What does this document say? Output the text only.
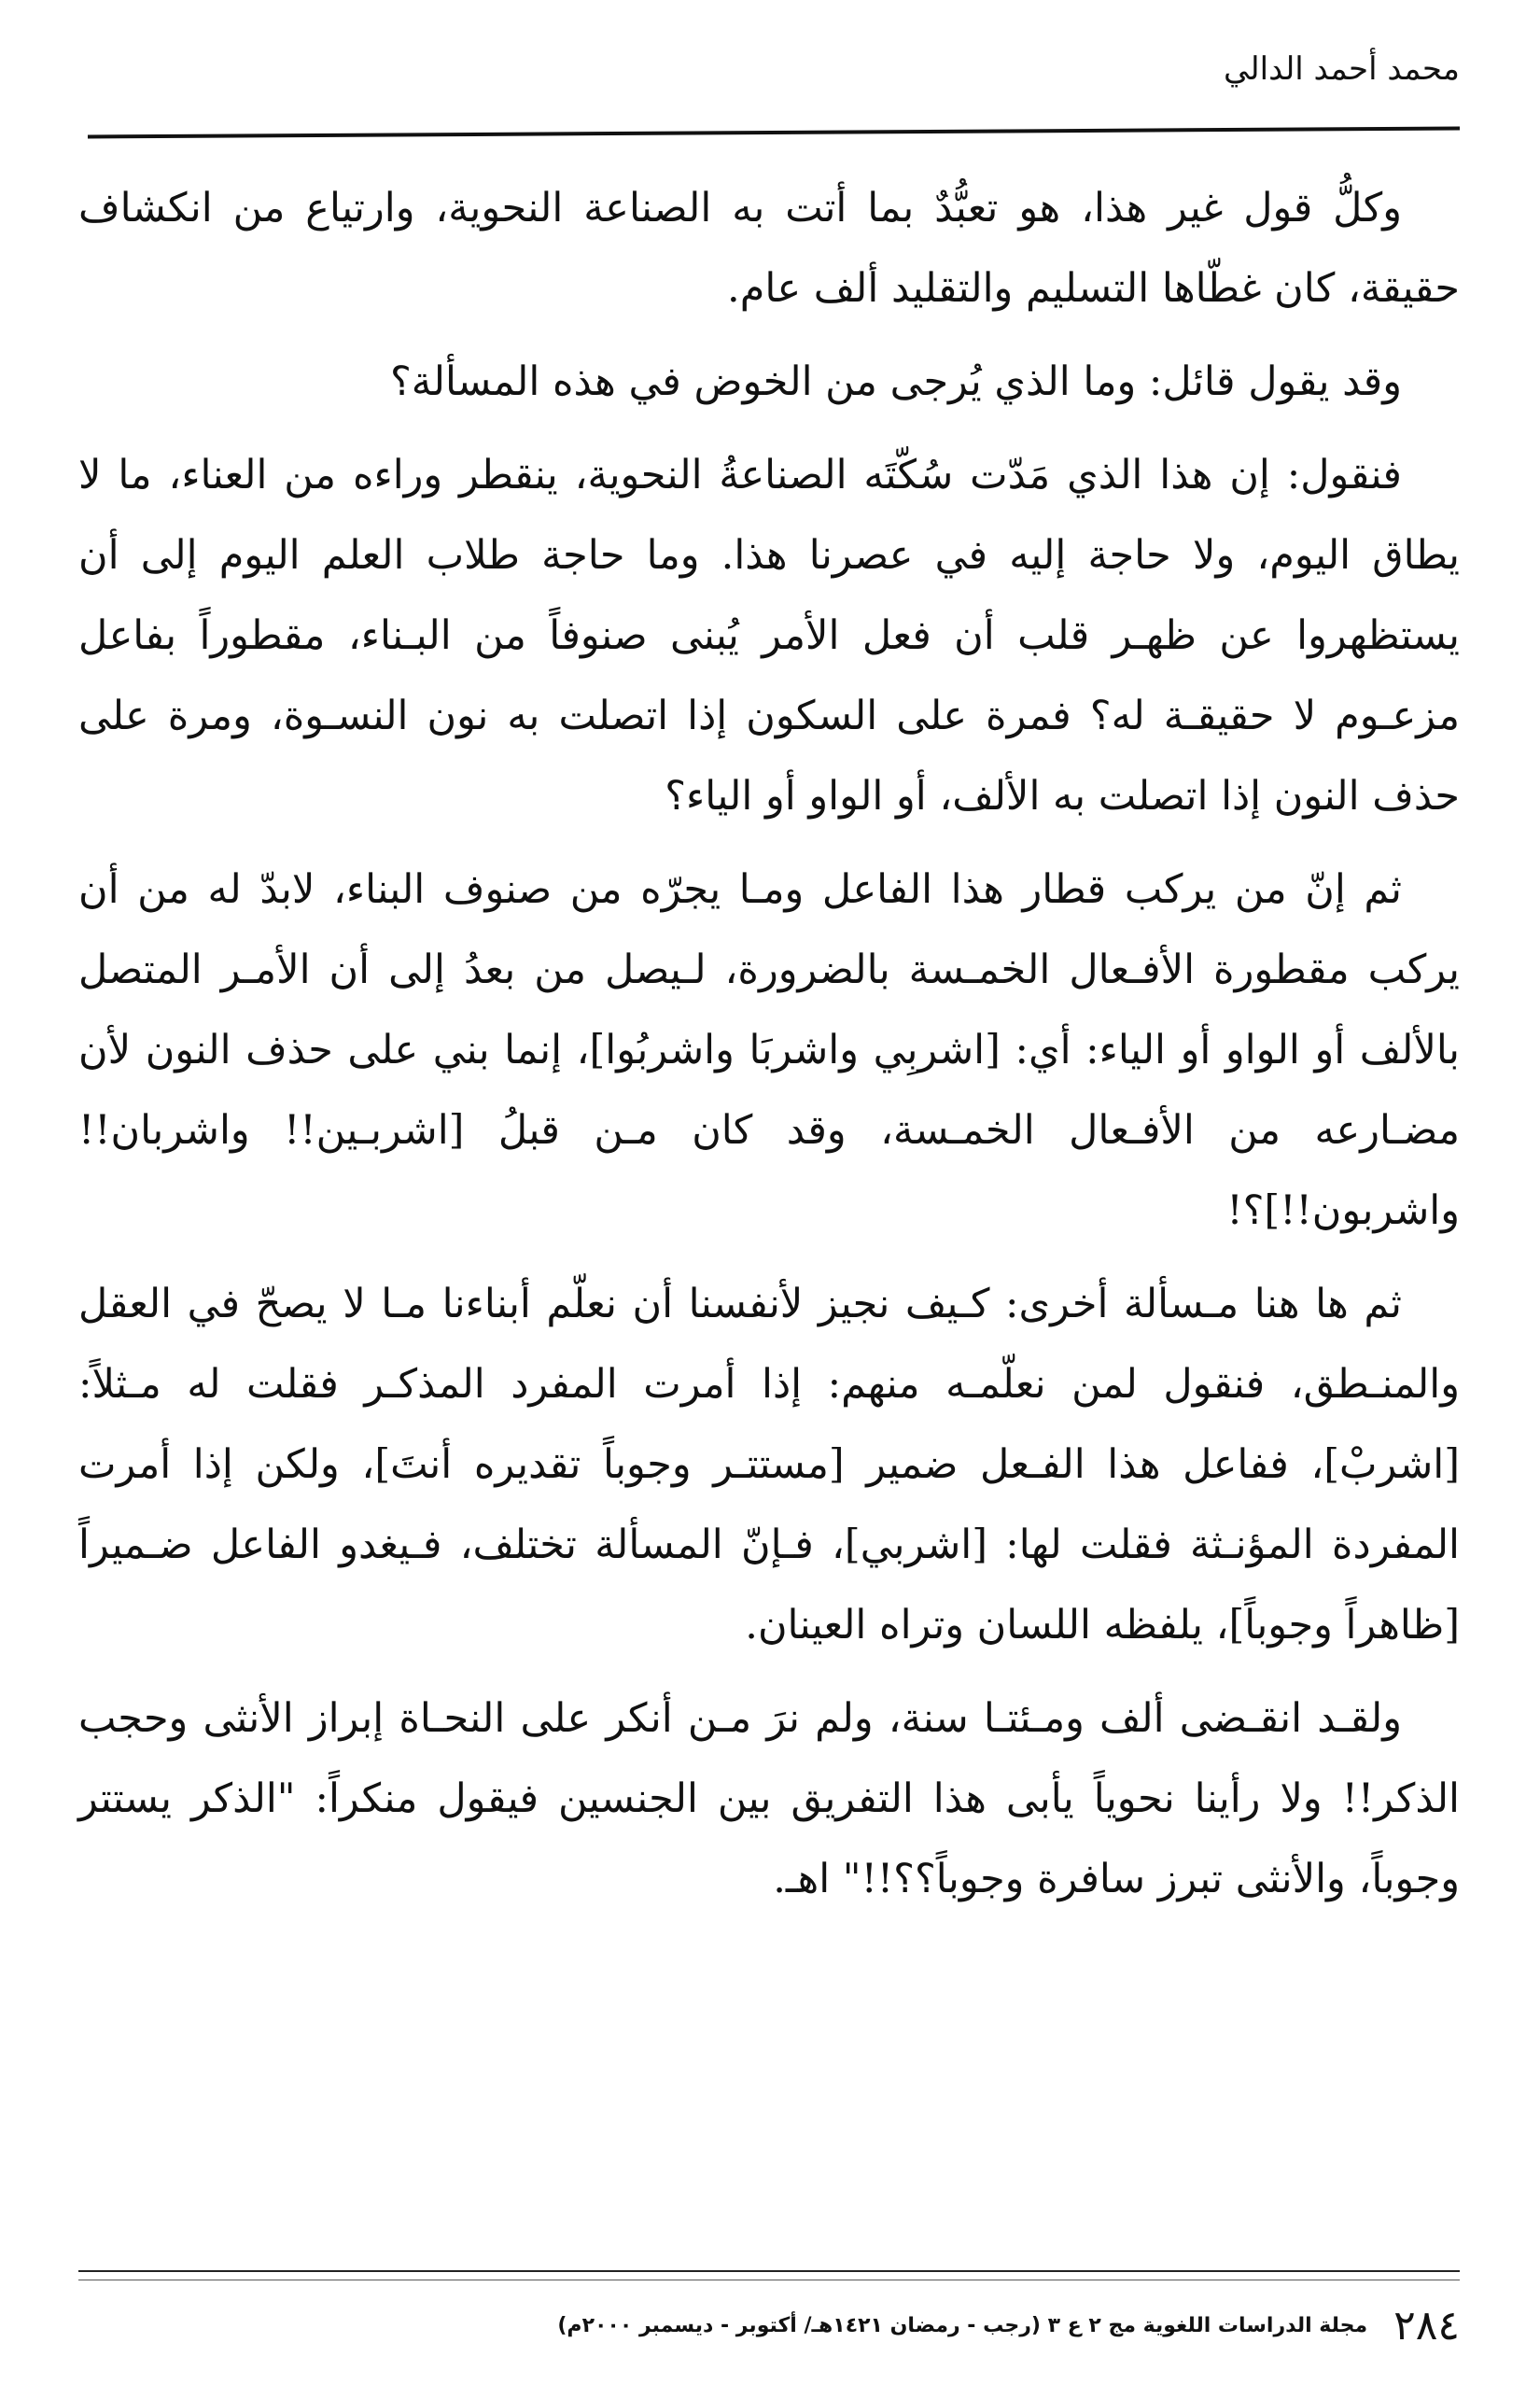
محمد أحمد الدالي

وكلُّ قول غير هذا، هو تعبُّدٌ بما أتت به الصناعة النحوية، وارتياع من انكشاف حقيقة، كان غطّاها التسليم والتقليد ألف عام.

وقد يقول قائل: وما الذي يُرجى من الخوض في هذه المسألة؟

فنقول: إن هذا الذي مَدّت سُكّتَه الصناعةُ النحوية، ينقطر وراءه من العناء، ما لا يطاق اليوم، ولا حاجة إليه في عصرنا هذا. وما حاجة طلاب العلم اليوم إلى أن يستظهروا عن ظهـر قلب أن فعل الأمر يُبنى صنوفاً من البـناء، مقطوراً بفاعل مزعـوم لا حقيقـة له؟ فمرة على السكون إذا اتصلت به نون النسـوة، ومرة على حذف النون إذا اتصلت به الألف، أو الواو أو الياء؟

ثم إنّ من يركب قطار هذا الفاعل ومـا يجرّه من صنوف البناء، لابدّ له من أن يركب مقطورة الأفـعال الخمـسة بالضرورة، لـيصل من بعدُ إلى أن الأمـر المتصل بالألف أو الواو أو الياء: أي: [اشربِي واشربَا واشربُوا]، إنما بني على حذف النون لأن مضـارعه من الأفـعال الخمـسة، وقد كان مـن قبلُ [اشربـين!! واشربان!! واشربون!!]؟!

ثم ها هنا مـسألة أخرى: كـيف نجيز لأنفسنا أن نعلّم أبناءنا مـا لا يصحّ في العقل والمنـطق، فنقول لمن نعلّمـه منهم: إذا أمرت المفرد المذكـر فقلت له مـثلاً: [اشربْ]، ففاعل هذا الفـعل ضمير [مستتـر وجوباً تقديره أنتَ]، ولكن إذا أمرت المفردة المؤنـثة فقلت لها: [اشربي]، فـإنّ المسألة تختلف، فـيغدو الفاعل ضـميراً [ظاهراً وجوباً]، يلفظه اللسان وتراه العينان.

ولقـد انقـضى ألف ومـئتـا سنة، ولم نرَ مـن أنكر على النحـاة إبراز الأنثى وحجب الذكر!! ولا رأينا نحوياً يأبى هذا التفريق بين الجنسين فيقول منكراً: "الذكر يستتر وجوباً، والأنثى تبرز سافرة وجوباً؟؟!!" اهـ.

٢٨٤
مجلة الدراسات اللغوية مج ٢ ع ٣ (رجب - رمضان ١٤٢١هـ/ أكتوبر - ديسمبر ٢٠٠٠م)
